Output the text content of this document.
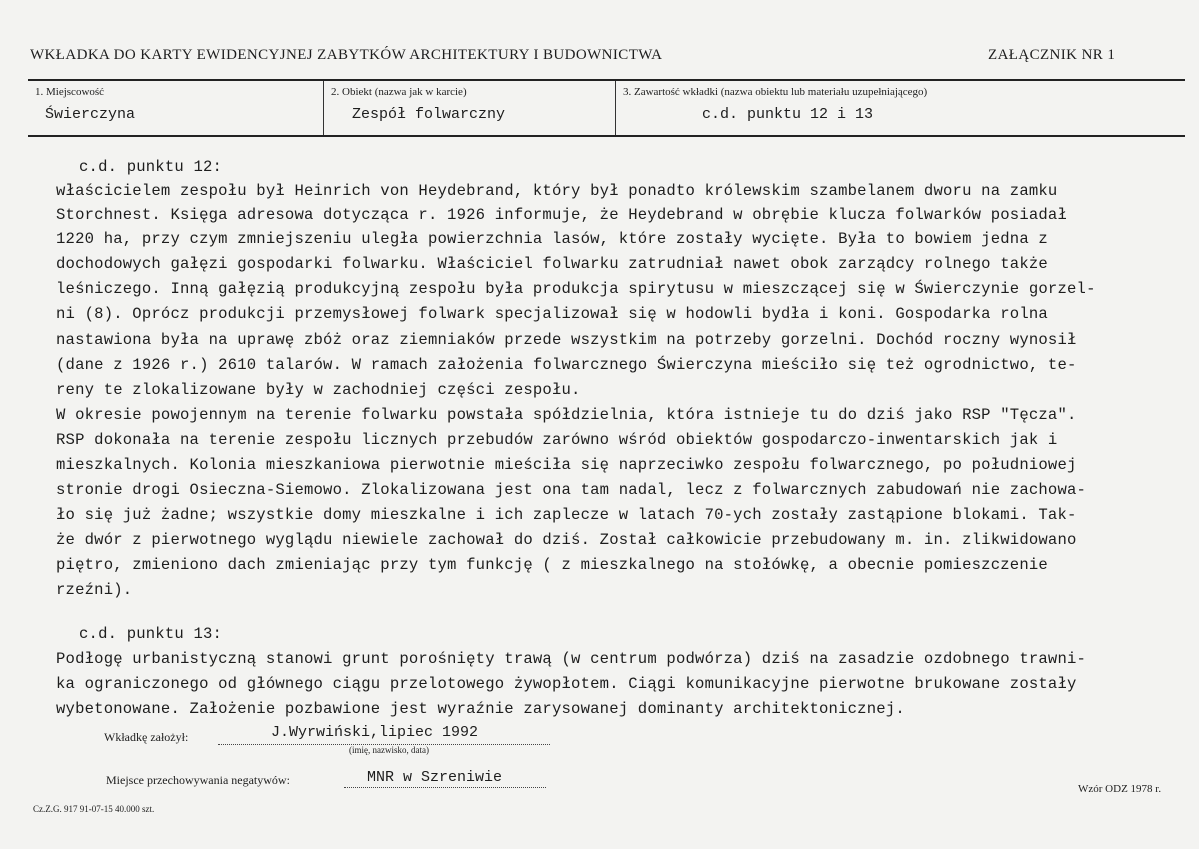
WKŁADKA DO KARTY EWIDENCYJNEJ ZABYTKÓW ARCHITEKTURY I BUDOWNICTWA	ZAŁĄCZNIK NR 1
1. Miejscowość
Świerczyna
2. Obiekt (nazwa jak w karcie)
Zespół folwarczny
3. Zawartość wkładki (nazwa obiektu lub materiału uzupełniającego)
c.d. punktu 12 i 13
c.d. punktu 12:
właścicielem zespołu był Heinrich von Heydebrand, który był ponadto królewskim szambelanem dworu na zamku
Storchnest. Księga adresowa dotycząca r. 1926 informuje, że Heydebrand w obrębie klucza folwarków posiadał
1220 ha, przy czym zmniejszeniu uległa powierzchnia lasów, które zostały wycięte. Była to bowiem jedna z
dochodowych gałęzi gospodarki folwarku. Właściciel folwarku zatrudniał nawet obok zarządcy rolnego także
leśniczego. Inną gałęzią produkcyjną zespołu była produkcja spirytusu w mieszczącej się w Świerczynie gorzel-
ni (8). Oprócz produkcji przemysłowej folwark specjalizował się w hodowli bydła i koni. Gospodarka rolna
nastawiona była na uprawę zbóż oraz ziemniaków przede wszystkim na potrzeby gorzelni. Dochód roczny wynosił
(dane z 1926 r.) 2610 talarów. W ramach założenia folwarcznego Świerczyna mieściło się też ogrodnictwo, te-
reny te zlokalizowane były w zachodniej części zespołu.
W okresie powojennym na terenie folwarku powstała spółdzielnia, która istnieje tu do dziś jako RSP "Tęcza".
RSP dokonała na terenie zespołu licznych przebudów zarówno wśród obiektów gospodarczo-inwentarskich jak i
mieszkalnych. Kolonia mieszkaniowa pierwotnie mieściła się naprzeciwko zespołu folwarcznego, po południowej
stronie drogi Osieczna-Siemowo. Zlokalizowana jest ona tam nadal, lecz z folwarcznych zabudowań nie zachowa-
ło się już żadne; wszystkie domy mieszkalne i ich zaplecze w latach 70-ych zostały zastąpione blokami. Tak-
że dwór z pierwotnego wyglądu niewiele zachował do dziś. Został całkowicie przebudowany m. in. zlikwidowano
piętro, zmieniono dach zmieniając przy tym funkcję ( z mieszkalnego na stołówkę, a obecnie pomieszczenie
rzeźni).
c.d. punktu 13:
Podłogę urbanistyczną stanowi grunt porośnięty trawą (w centrum podwórza) dziś na zasadzie ozdobnego trawni-
ka ograniczonego od głównego ciągu przelotowego żywopłotem. Ciągi komunikacyjne pierwotne brukowane zostały
wybetonowane. Założenie pozbawione jest wyraźnie zarysowanej dominanty architektonicznej.
Wkładkę założył:	J.Wyrwiński,lipiec 1992
(imię, nazwisko, data)
Miejsce przechowywania negatywów:	MNR w Szreniwie
Wzór ODZ 1978 r.
Cz.Z.G. 917 91-07-15 40.000 szt.
